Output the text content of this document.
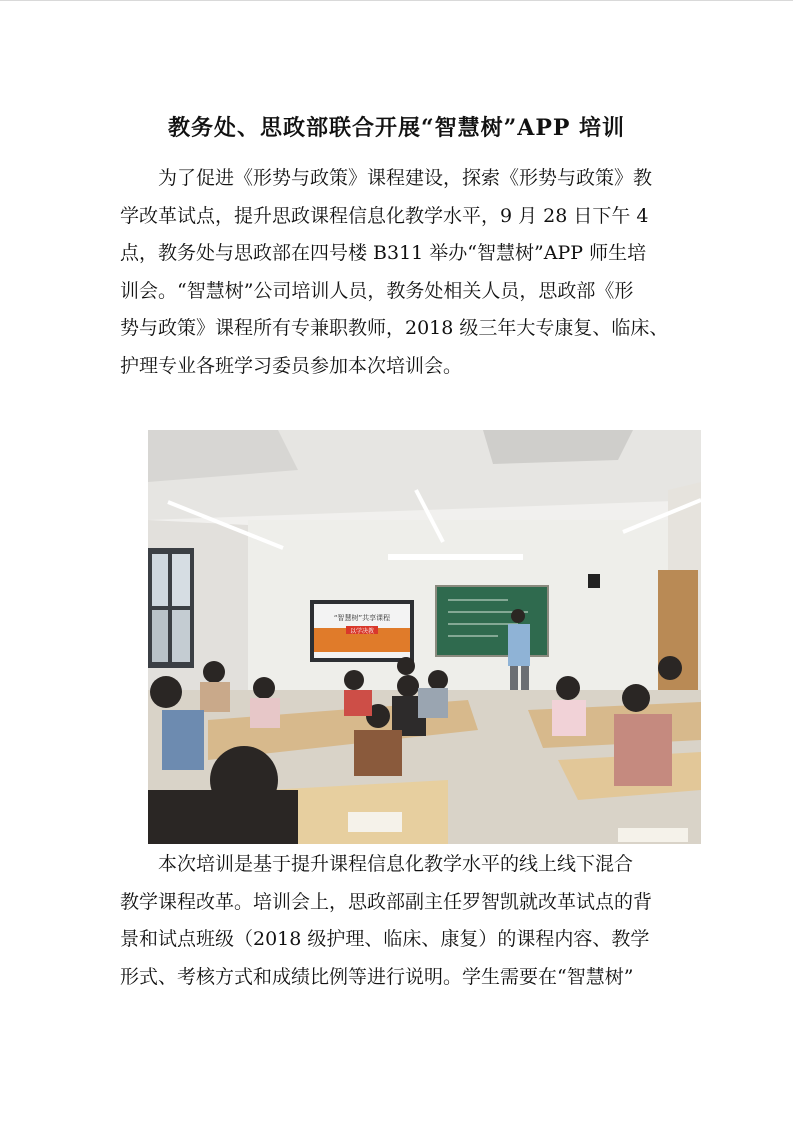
教务处、思政部联合开展“智慧树”APP 培训
为了促进《形势与政策》课程建设，探索《形势与政策》教
学改革试点，提升思政课程信息化教学水平，9 月 28 日下午 4
点，教务处与思政部在四号楼 B311 举办“智慧树”APP 师生培
训会。“智慧树”公司培训人员，教务处相关人员，思政部《形
势与政策》课程所有专兼职教师，2018 级三年大专康复、临床、
护理专业各班学习委员参加本次培训会。
“智慧树”共享课程
以学决教
本次培训是基于提升课程信息化教学水平的线上线下混合
教学课程改革。培训会上，思政部副主任罗智凯就改革试点的背
景和试点班级（2018 级护理、临床、康复）的课程内容、教学
形式、考核方式和成绩比例等进行说明。学生需要在“智慧树”
